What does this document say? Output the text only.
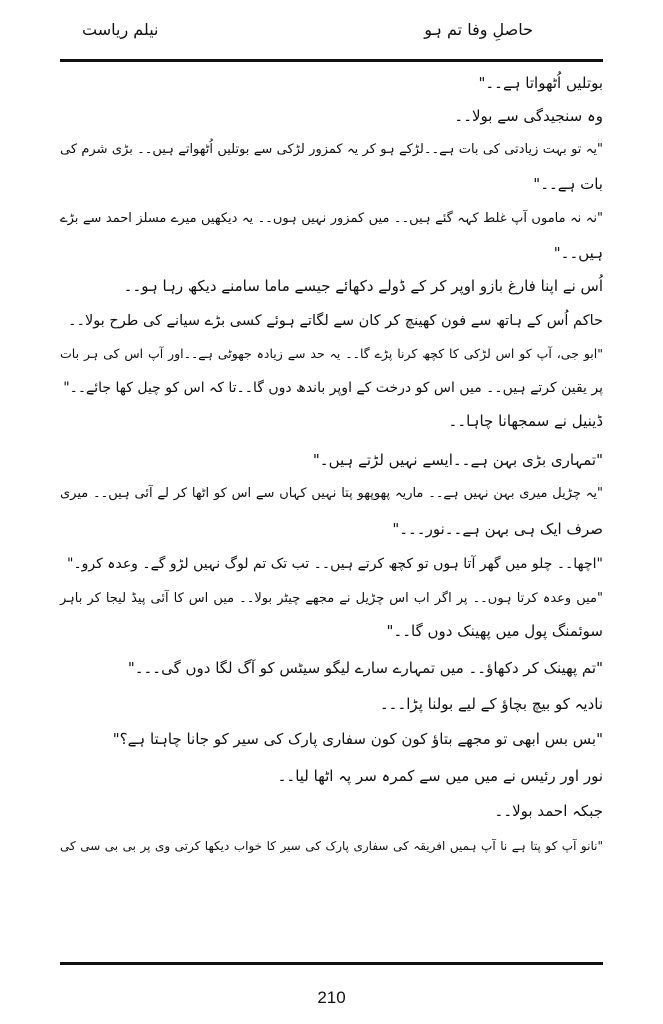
حاصلِ وفا تم ہو
نیلم ریاست
بوتلیں اُٹھواتا ہے۔۔"
وہ سنجیدگی سے بولا۔۔
"یہ تو بہت زیادتی کی بات ہے۔۔لڑکے ہو کر یہ کمزور لڑکی سے بوتلیں اُٹھواتے ہیں۔۔ بڑی شرم کی
بات ہے۔۔"
"نہ نہ ماموں آپ غلط کہہ گئے ہیں۔۔ میں کمزور نہیں ہوں۔۔ یہ دیکھیں میرے مسلز احمد سے بڑے
ہیں۔۔"
اُس نے اپنا فارغ بازو اوپر کر کے ڈولے دکھائے جیسے ماما سامنے دیکھ رہا ہو۔۔
حاکم اُس کے ہاتھ سے فون کھینچ کر کان سے لگاتے ہوئے کسی بڑے سیانے کی طرح بولا۔۔
"ابو جی، آپ کو اس لڑکی کا کچھ کرنا پڑے گا۔۔ یہ حد سے زیادہ جھوٹی ہے۔۔اور آپ اس کی ہر بات
پر یقین کرتے ہیں۔۔ میں اس کو درخت کے اوپر باندھ دوں گا۔۔تا کہ اس کو چیل کھا جائے۔۔"
ڈینیل نے سمجھانا چاہا۔۔
"تمہاری بڑی بہن ہے۔۔ایسے نہیں لڑتے ہیں۔"
"یہ چڑیل میری بہن نہیں ہے۔۔ ماریہ پھوپھو پتا نہیں کہاں سے اس کو اٹھا کر لے آئی ہیں۔۔ میری
صرف ایک ہی بہن ہے۔۔نور۔۔۔"
"اچھا۔۔ چلو میں گھر آتا ہوں تو کچھ کرتے ہیں۔۔ تب تک تم لوگ نہیں لڑو گے۔ وعدہ کرو۔"
"میں وعدہ کرتا ہوں۔۔ پر اگر اب اس چڑیل نے مجھے چیٹر بولا۔۔ میں اس کا آئی پیڈ لیجا کر باہر
سوئمنگ پول میں پھینک دوں گا۔۔"
"تم پھینک کر دکھاؤ۔۔ میں تمہارے سارے لیگو سیٹس کو آگ لگا دوں گی۔۔۔"
نادیہ کو بیچ بچاؤ کے لیے بولنا پڑا۔۔۔
"بس بس ابھی تو مجھے بتاؤ کون کون سفاری پارک کی سیر کو جانا چاہتا ہے؟"
نور اور رئیس نے میں میں سے کمرہ سر پہ اٹھا لیا۔۔
جبکہ احمد بولا۔۔
"نانو آپ کو پتا ہے نا آپ ہمیں افریقہ کی سفاری پارک کی سیر کا خواب دیکھا کرتی وی پر بی بی سی کی
210
